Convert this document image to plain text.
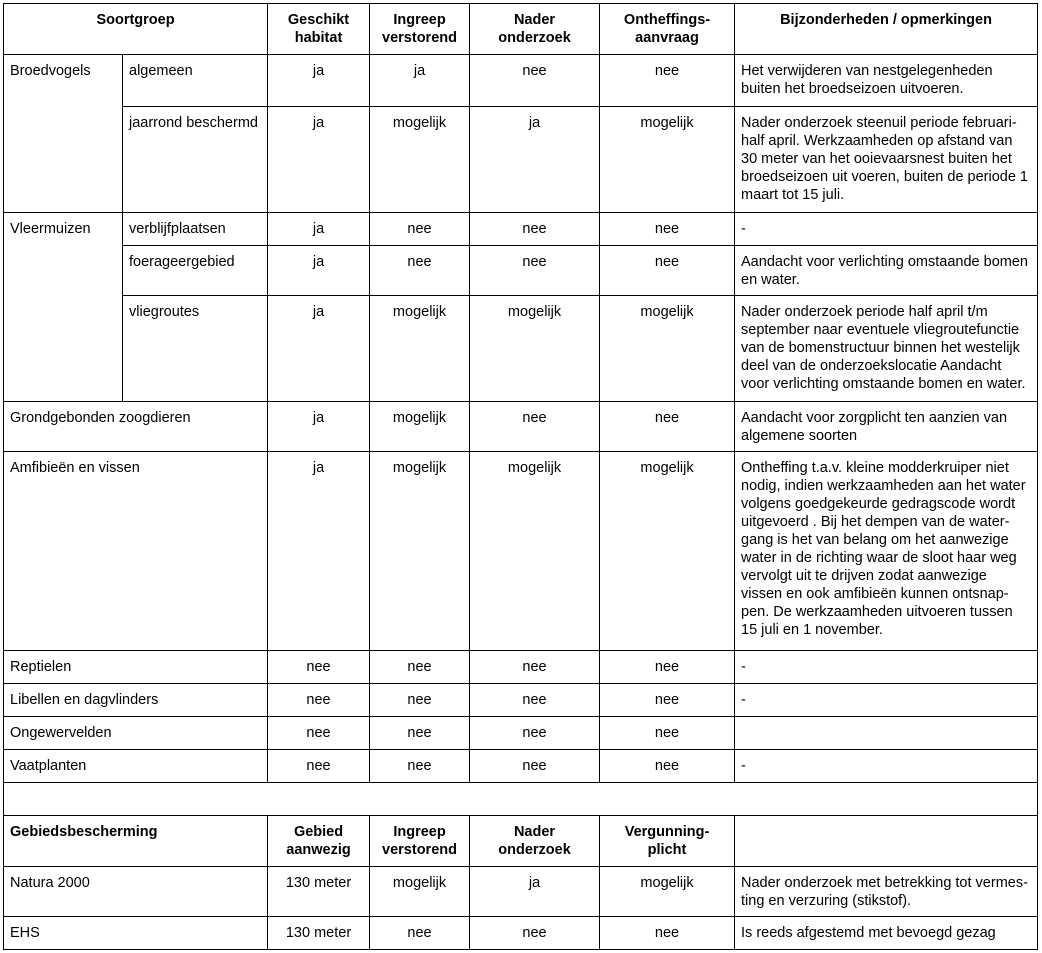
Soortgroep		Geschikt habitat	Ingreep verstorend	Nader onderzoek	Ontheffings- aanvraag	Bijzonderheden / opmerkingen
Broedvogels	algemeen	ja	ja	nee	nee	Het verwijderen van nestgelegenheden buiten het broedseizoen uitvoeren.
	jaarrond beschermd	ja	mogelijk	ja	mogelijk	Nader onderzoek steenuil periode februari- half april. Werkzaamheden op afstand van 30 meter van het ooievaarsnest buiten het broedseizoen uit voeren, buiten de periode 1 maart tot 15 juli.
Vleermuizen	verblijfplaatsen	ja	nee	nee	nee	-
	foerageergebied	ja	nee	nee	nee	Aandacht voor verlichting omstaande bomen en water.
	vliegroutes	ja	mogelijk	mogelijk	mogelijk	Nader onderzoek periode half april t/m september naar eventuele vliegroutefunctie van de bomenstructuur binnen het westelijk deel van de onderzoekslocatie Aandacht voor verlichting omstaande bomen en water.
Grondgebonden zoogdieren		ja	mogelijk	nee	nee	Aandacht voor zorgplicht ten aanzien van algemene soorten
Amfibieën en vissen		ja	mogelijk	mogelijk	mogelijk	Ontheffing t.a.v. kleine modderkruiper niet nodig, indien werkzaamheden aan het water volgens goedgekeurde gedragscode wordt uitgevoerd . Bij het dempen van de water- gang is het van belang om het aanwezige water in de richting waar de sloot haar weg vervolgt uit te drijven zodat aanwezige vissen en ook amfibieën kunnen ontsnap- pen. De werkzaamheden uitvoeren tussen 15 juli en 1 november.
Reptielen		nee	nee	nee	nee	-
Libellen en dagvlinders		nee	nee	nee	nee	-
Ongewervelden		nee	nee	nee	nee	
Vaatplanten		nee	nee	nee	nee	-

Gebiedsbescherming		Gebied aanwezig	Ingreep verstorend	Nader onderzoek	Vergunning- plicht	
Natura 2000		130 meter	mogelijk	ja	mogelijk	Nader onderzoek met betrekking tot vermes- ting en verzuring (stikstof).
EHS		130 meter	nee	nee	nee	Is reeds afgestemd met bevoegd gezag
